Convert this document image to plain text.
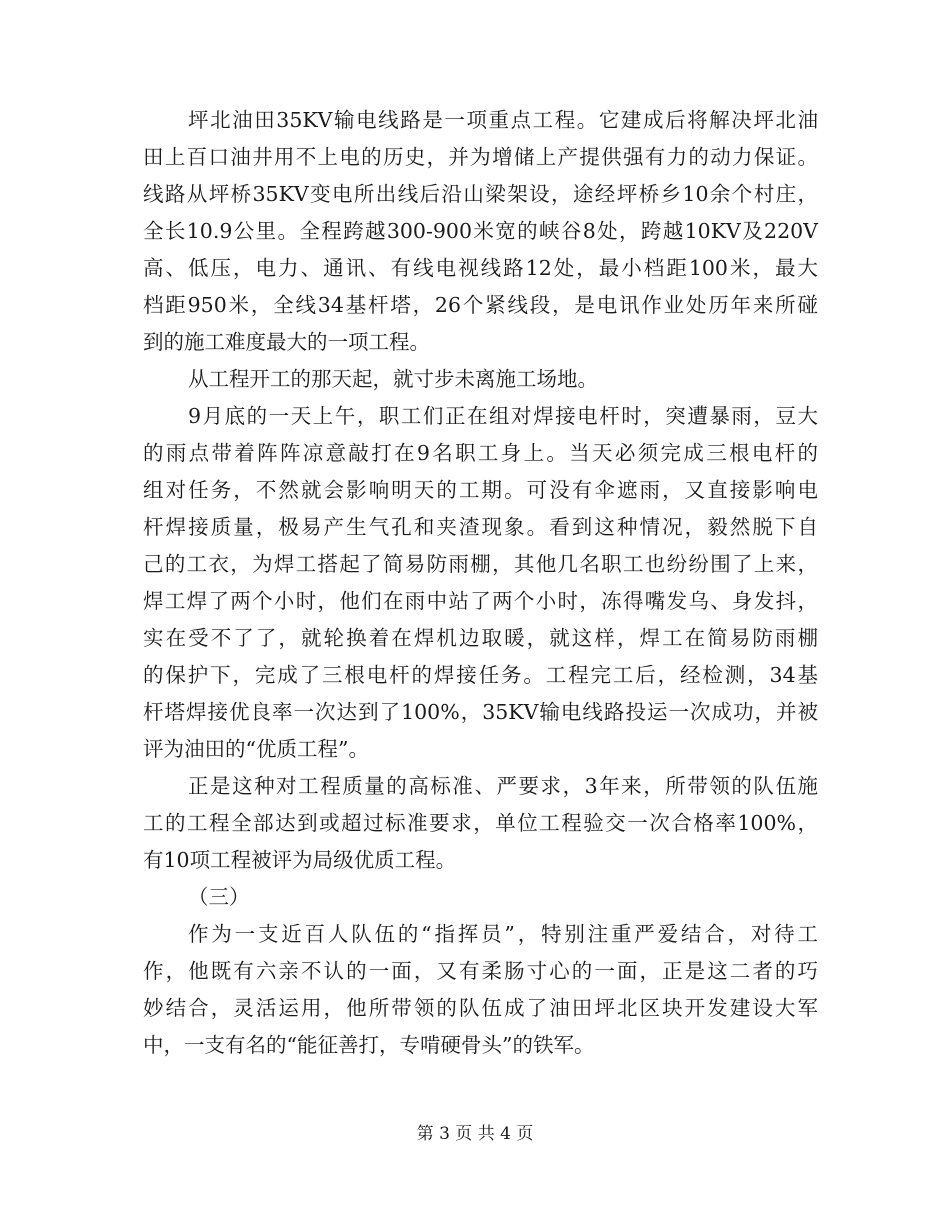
坪北油田35KV输电线路是一项重点工程。它建成后将解决坪北油
田上百口油井用不上电的历史，并为增储上产提供强有力的动力保证。
线路从坪桥35KV变电所出线后沿山梁架设，途经坪桥乡10余个村庄，
全长10.9公里。全程跨越300-900米宽的峡谷8处，跨越10KV及220V
高、低压，电力、通讯、有线电视线路12处，最小档距100米，最大
档距950米，全线34基杆塔，26个紧线段，是电讯作业处历年来所碰
到的施工难度最大的一项工程。
从工程开工的那天起，就寸步未离施工场地。
9月底的一天上午，职工们正在组对焊接电杆时，突遭暴雨，豆大
的雨点带着阵阵凉意敲打在9名职工身上。当天必须完成三根电杆的
组对任务，不然就会影响明天的工期。可没有伞遮雨，又直接影响电
杆焊接质量，极易产生气孔和夹渣现象。看到这种情况，毅然脱下自
己的工衣，为焊工搭起了简易防雨棚，其他几名职工也纷纷围了上来，
焊工焊了两个小时，他们在雨中站了两个小时，冻得嘴发乌、身发抖，
实在受不了了，就轮换着在焊机边取暖，就这样，焊工在简易防雨棚
的保护下，完成了三根电杆的焊接任务。工程完工后，经检测，34基
杆塔焊接优良率一次达到了100%，35KV输电线路投运一次成功，并被
评为油田的“优质工程”。
正是这种对工程质量的高标准、严要求，3年来，所带领的队伍施
工的工程全部达到或超过标准要求，单位工程验交一次合格率100%，
有10项工程被评为局级优质工程。
（三）
作为一支近百人队伍的“指挥员”，特别注重严爱结合，对待工
作，他既有六亲不认的一面，又有柔肠寸心的一面，正是这二者的巧
妙结合，灵活运用，他所带领的队伍成了油田坪北区块开发建设大军
中，一支有名的“能征善打，专啃硬骨头”的铁军。
第 3 页 共 4 页
